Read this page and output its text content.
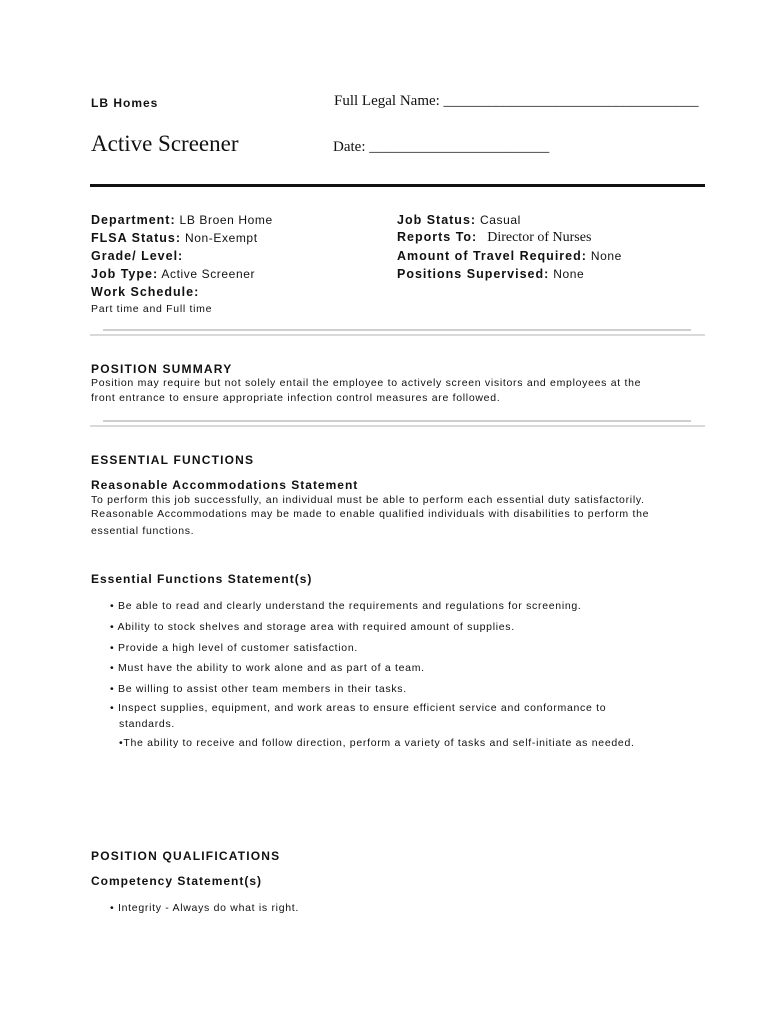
LB Homes	Full Legal Name: __________________________________
Active Screener	Date: ________________________
Department: LB Broen Home
FLSA Status: Non-Exempt
Grade/ Level:
Job Type: Active Screener
Work Schedule:
Part time and Full time
Job Status: Casual
Reports To: Director of Nurses
Amount of Travel Required: None
Positions Supervised: None
POSITION SUMMARY
Position may require but not solely entail the employee to actively screen visitors and employees at the
front entrance to ensure appropriate infection control measures are followed.
ESSENTIAL FUNCTIONS
Reasonable Accommodations Statement
To perform this job successfully, an individual must be able to perform each essential duty satisfactorily.
Reasonable Accommodations may be made to enable qualified individuals with disabilities to perform the
essential functions.
Essential Functions Statement(s)
• Be able to read and clearly understand the requirements and regulations for screening.
• Ability to stock shelves and storage area with required amount of supplies.
• Provide a high level of customer satisfaction.
• Must have the ability to work alone and as part of a team.
• Be willing to assist other team members in their tasks.
• Inspect supplies, equipment, and work areas to ensure efficient service and conformance to
standards.
•The ability to receive and follow direction, perform a variety of tasks and self-initiate as needed.
POSITION QUALIFICATIONS
Competency Statement(s)
• Integrity - Always do what is right.
